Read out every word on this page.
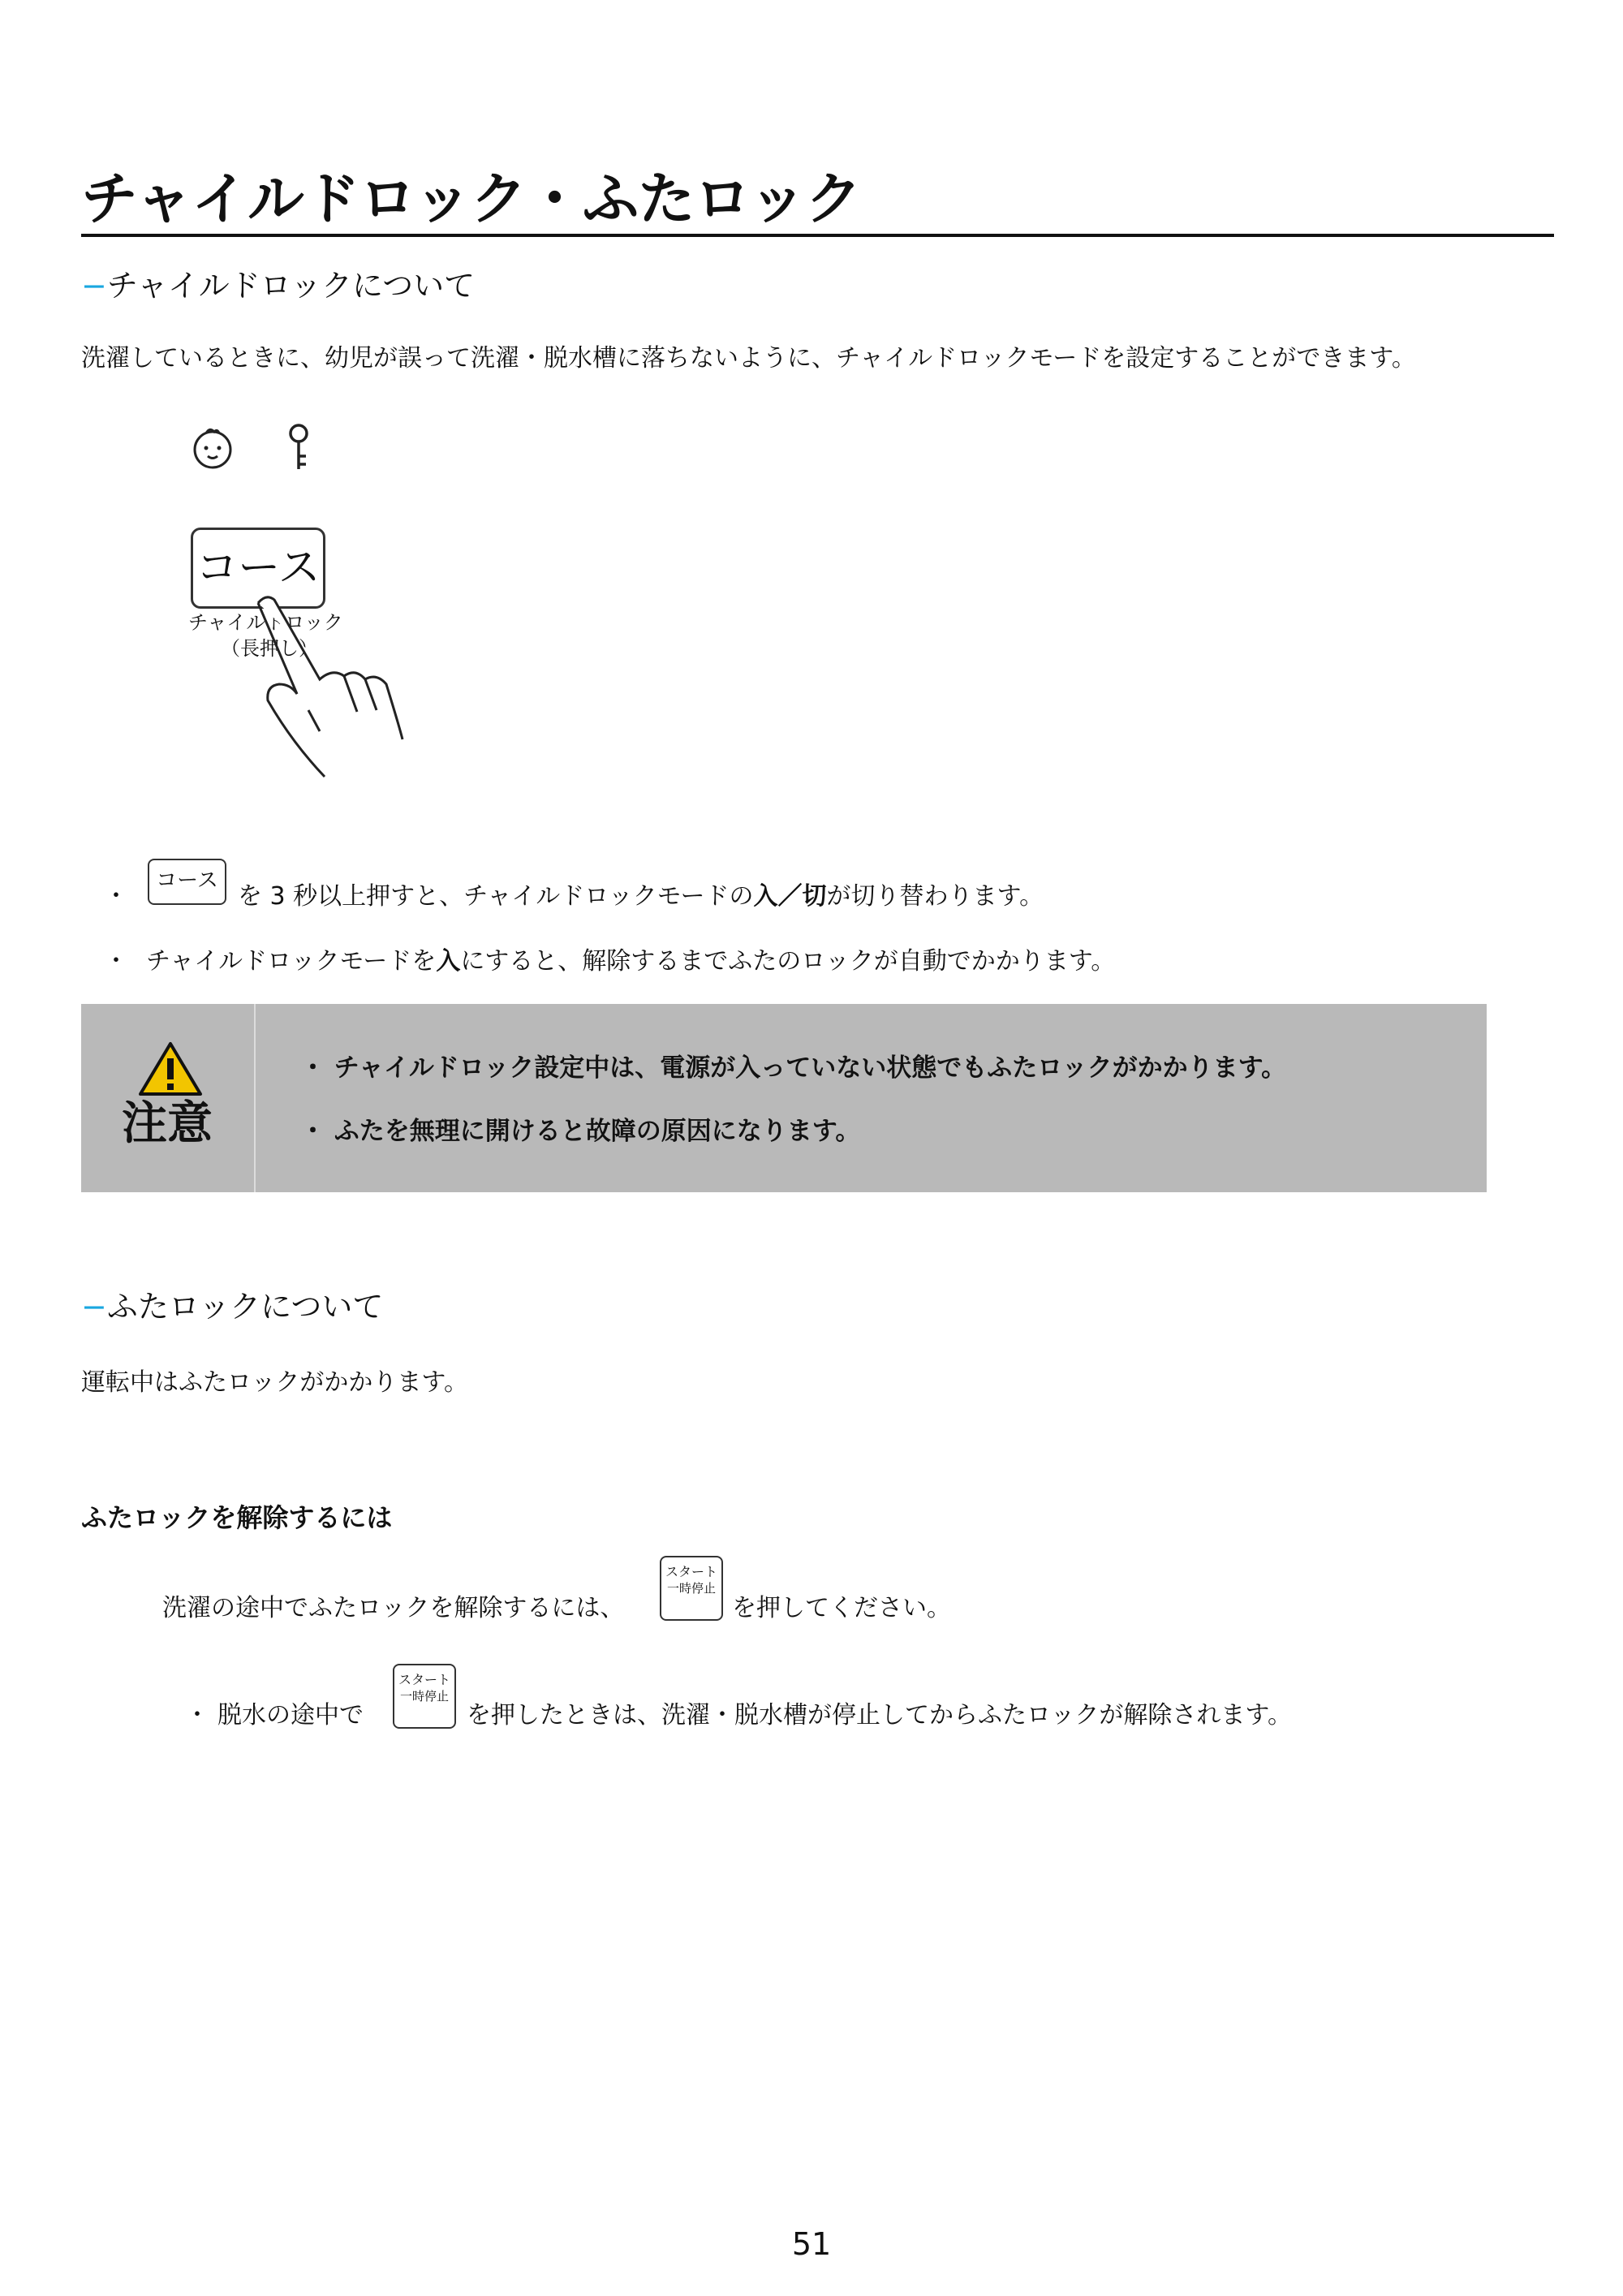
チャイルドロック・ふたロック
−チャイルドロックについて
洗濯しているときに、幼児が誤って洗濯・脱水槽に落ちないように、チャイルドロックモードを設定することができます。
コース
チャイルドロック
（長押し）
・
コース
を 3 秒以上押すと、チャイルドロックモードの入／切が切り替わります。
・ チャイルドロックモードを入にすると、解除するまでふたのロックが自動でかかります。
注意
・ チャイルドロック設定中は、電源が入っていない状態でもふたロックがかかります。
・ ふたを無理に開けると故障の原因になります。
−ふたロックについて
運転中はふたロックがかかります。
ふたロックを解除するには
洗濯の途中でふたロックを解除するには、
スタート
一時停止
を押してください。
・ 脱水の途中で
スタート
一時停止
を押したときは、洗濯・脱水槽が停止してからふたロックが解除されます。
51
